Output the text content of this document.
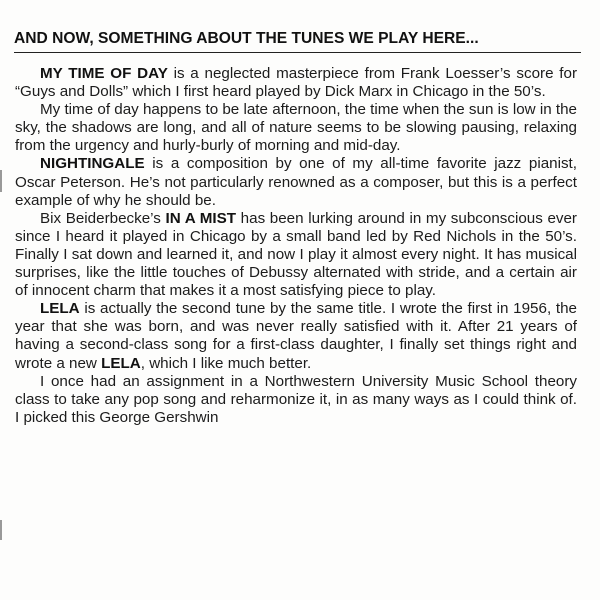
AND NOW, SOMETHING ABOUT THE TUNES WE PLAY HERE...

MY TIME OF DAY is a neglected masterpiece from Frank Loesser’s score for “Guys and Dolls” which I first heard played by Dick Marx in Chicago in the 50’s.

My time of day happens to be late afternoon, the time when the sun is low in the sky, the shadows are long, and all of nature seems to be slowing pausing, relaxing from the urgency and hurly-burly of morning and mid-day.

NIGHTINGALE is a composition by one of my all-time favorite jazz pianist, Oscar Peterson. He’s not particularly renowned as a composer, but this is a perfect example of why he should be.

Bix Beiderbecke’s IN A MIST has been lurking around in my subconscious ever since I heard it played in Chicago by a small band led by Red Nichols in the 50’s. Finally I sat down and learned it, and now I play it almost every night. It has musical surprises, like the little touches of Debussy alternated with stride, and a certain air of innocent charm that makes it a most satisfying piece to play.

LELA is actually the second tune by the same title. I wrote the first in 1956, the year that she was born, and was never really satisfied with it. After 21 years of having a second-class song for a first-class daughter, I finally set things right and wrote a new LELA, which I like much better.

I once had an assignment in a Northwestern University Music School theory class to take any pop song and reharmonize it, in as many ways as I could think of. I picked this George Gershwin
